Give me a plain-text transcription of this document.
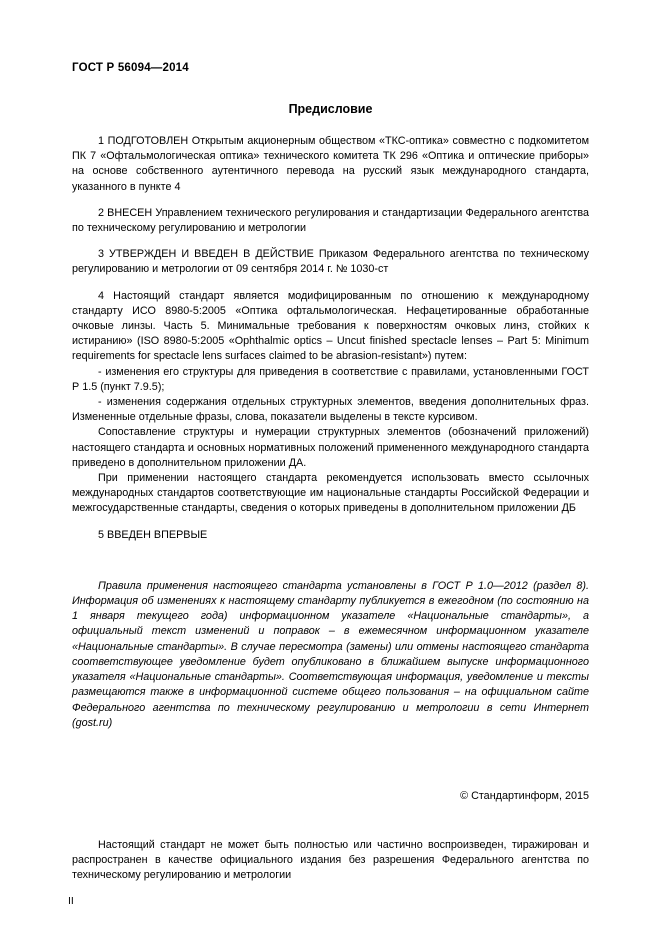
ГОСТ Р 56094—2014
Предисловие

1 ПОДГОТОВЛЕН Открытым акционерным обществом «ТКС-оптика» совместно с подкомитетом ПК 7 «Офтальмологическая оптика» технического комитета ТК 296 «Оптика и оптические приборы» на основе собственного аутентичного перевода на русский язык международного стандарта, указанного в пункте 4

2 ВНЕСЕН Управлением технического регулирования и стандартизации Федерального агентства по техническому регулированию и метрологии

3 УТВЕРЖДЕН И ВВЕДЕН В ДЕЙСТВИЕ Приказом Федерального агентства по техническому регулированию и метрологии от 09 сентября 2014 г. № 1030-ст

4 Настоящий стандарт является модифицированным по отношению к международному стандарту ИСО 8980-5:2005 «Оптика офтальмологическая. Нефацетированные обработанные очковые линзы. Часть 5. Минимальные требования к поверхностям очковых линз, стойких к истиранию» (ISO 8980-5:2005 «Ophthalmic optics – Uncut finished spectacle lenses – Part 5: Minimum requirements for spectacle lens surfaces claimed to be abrasion-resistant») путем:

- изменения его структуры для приведения в соответствие с правилами, установленными ГОСТ Р 1.5 (пункт 7.9.5);

- изменения содержания отдельных структурных элементов, введения дополнительных фраз. Измененные отдельные фразы, слова, показатели выделены в тексте курсивом.

Сопоставление структуры и нумерации структурных элементов (обозначений приложений) настоящего стандарта и основных нормативных положений примененного международного стандарта приведено в дополнительном приложении ДА.

При применении настоящего стандарта рекомендуется использовать вместо ссылочных международных стандартов соответствующие им национальные стандарты Российской Федерации и межгосударственные стандарты, сведения о которых приведены в дополнительном приложении ДБ

5 ВВЕДЕН ВПЕРВЫЕ

Правила применения настоящего стандарта установлены в ГОСТ Р 1.0—2012 (раздел 8). Информация об изменениях к настоящему стандарту публикуется в ежегодном (по состоянию на 1 января текущего года) информационном указателе «Национальные стандарты», а официальный текст изменений и поправок – в ежемесячном информационном указателе «Национальные стандарты». В случае пересмотра (замены) или отмены настоящего стандарта соответствующее уведомление будет опубликовано в ближайшем выпуске информационного указателя «Национальные стандарты». Соответствующая информация, уведомление и тексты размещаются также в информационной системе общего пользования – на официальном сайте Федерального агентства по техническому регулированию и метрологии в сети Интернет (gost.ru)

© Стандартинформ, 2015

Настоящий стандарт не может быть полностью или частично воспроизведен, тиражирован и распространен в качестве официального издания без разрешения Федерального агентства по техническому регулированию и метрологии

II
